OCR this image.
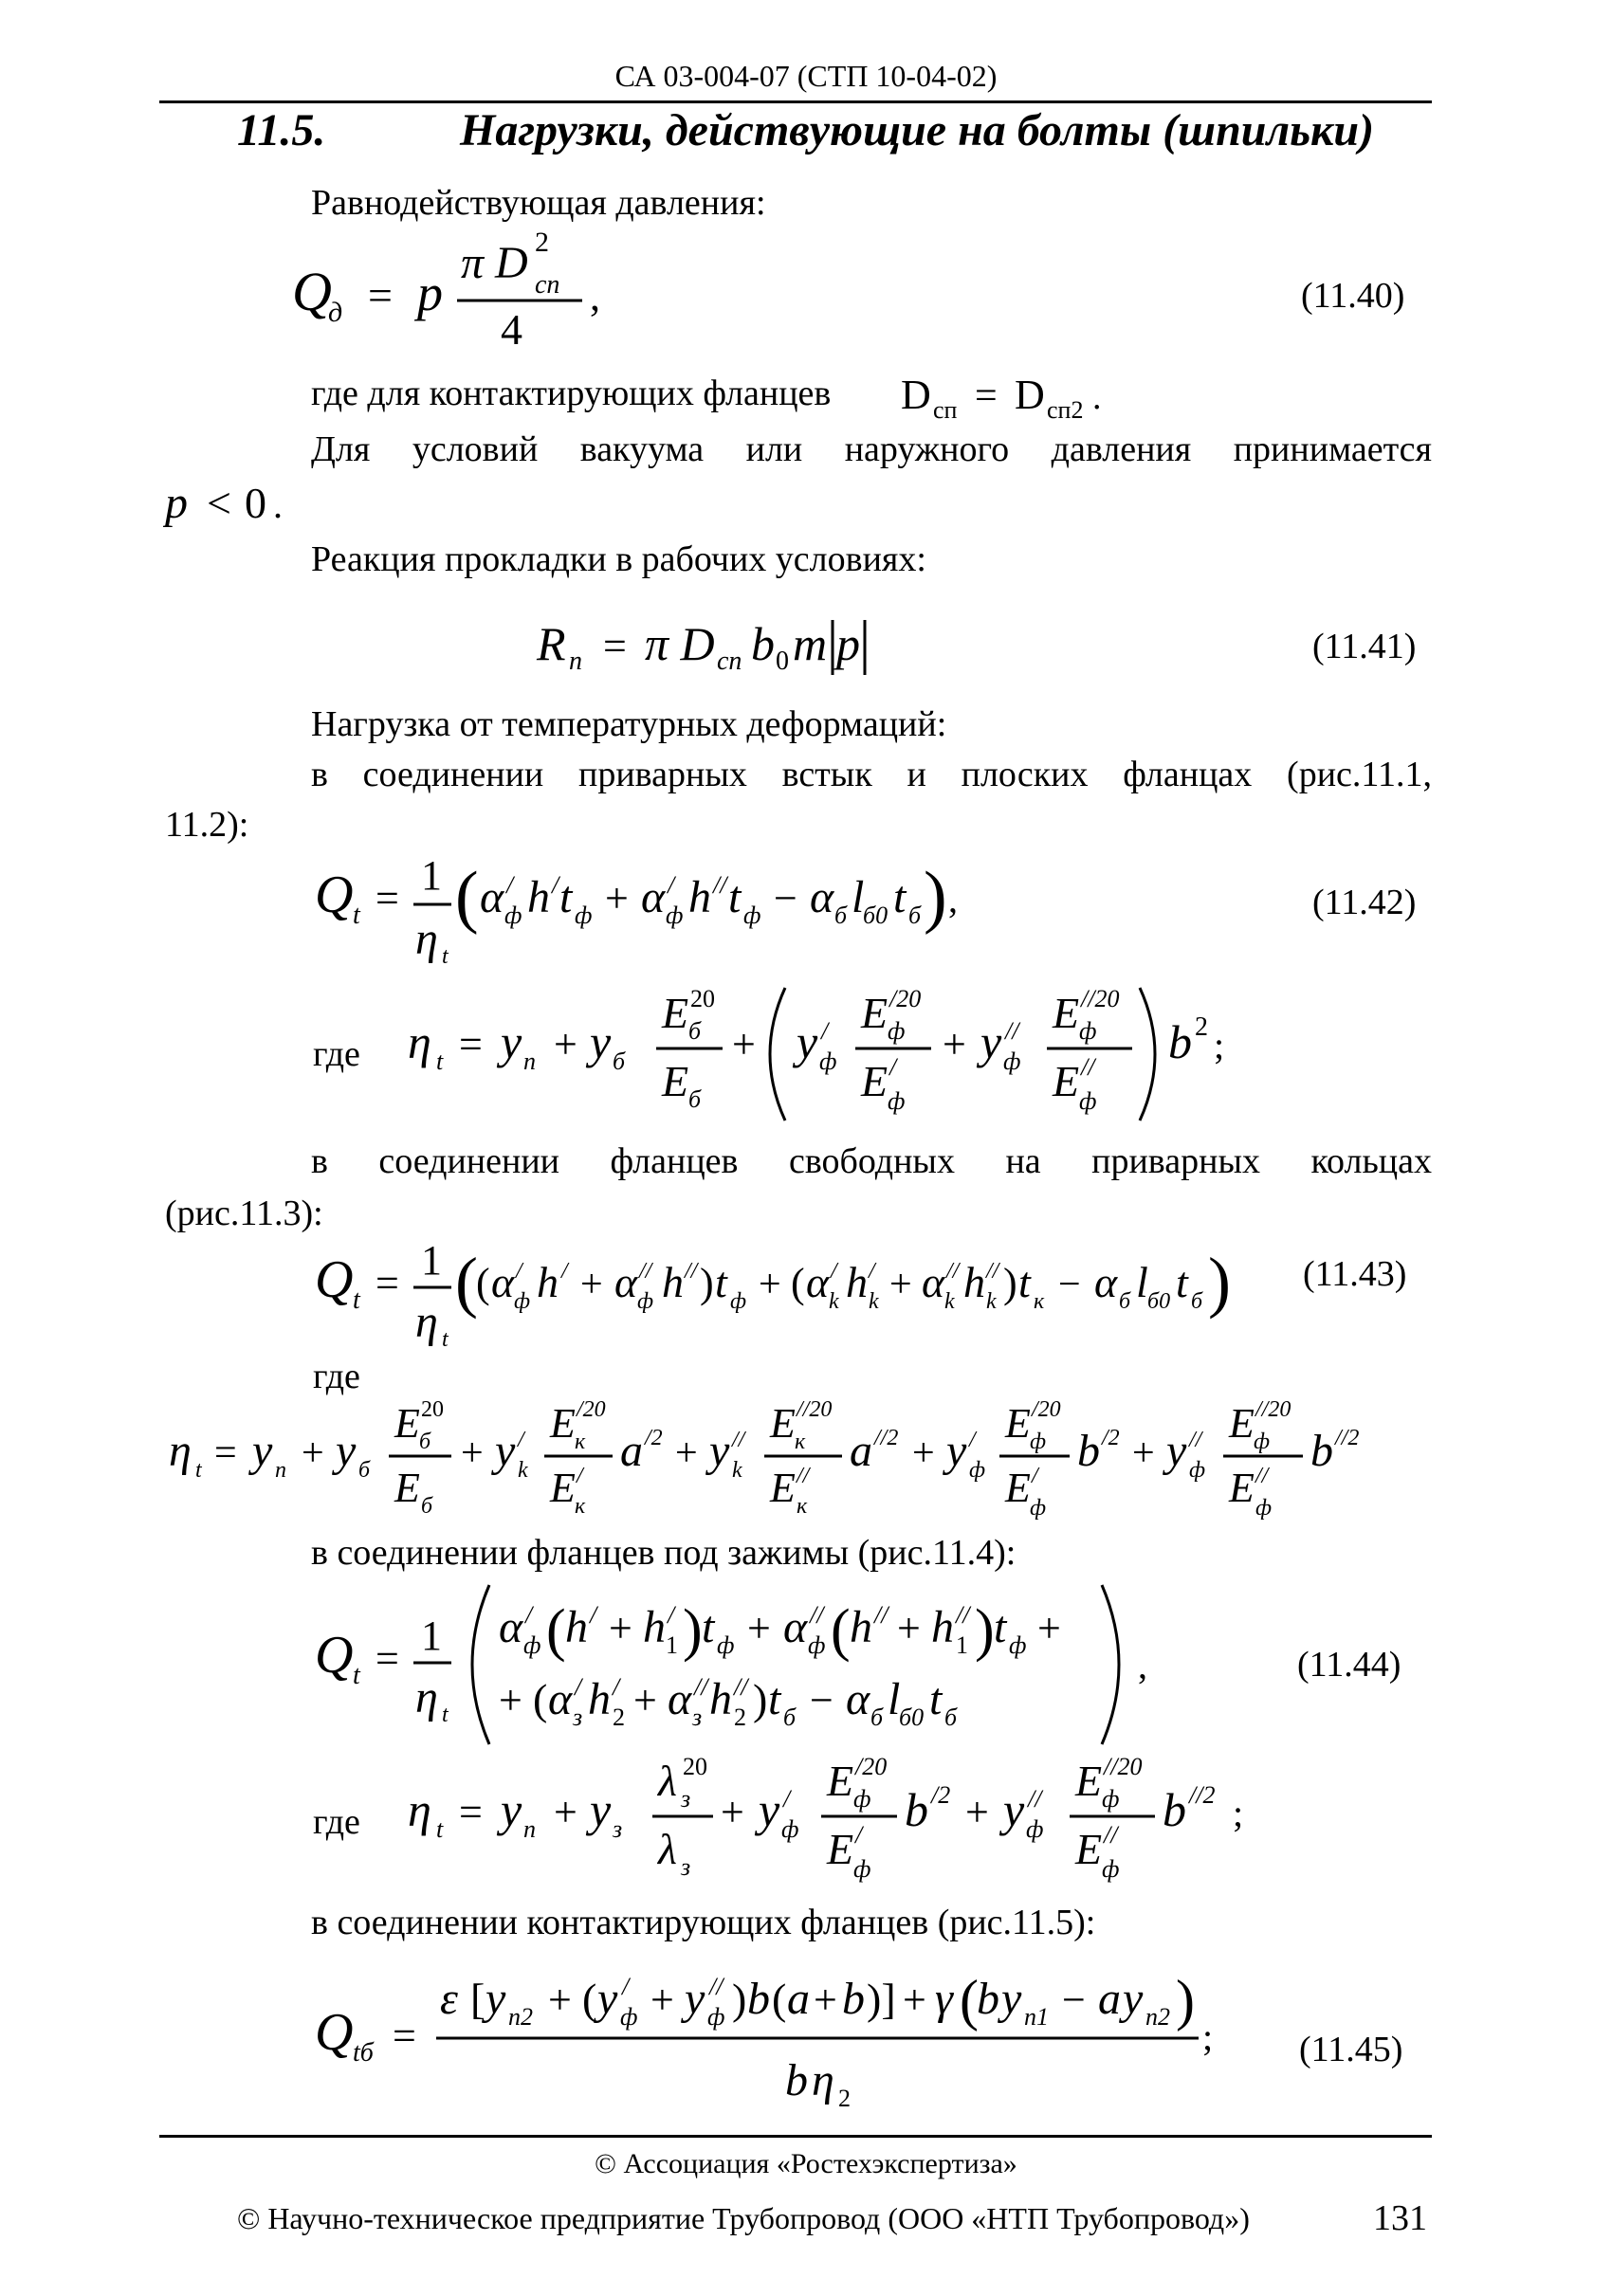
СА 03-004-07 (СТП 10-04-02)
11.5.	Нагрузки, действующие на болты (шпильки)
Равнодействующая давления:
Q
д = p
π D 2
сп
4
,	(11.40)
где для контактирующих фланцев D сп = D сп2 .
Для условий вакуума или наружного давления принимается
p < 0 .
Реакция прокладки в рабочих условиях:
R п = π D сп b 0 m p	(11.41)
Нагрузка от температурных деформаций:
в соединении приварных встык и плоских фланцах (рис.11.1,
11.2):
Q t = 1
η t
( α /
ф h / t ф + α /
ф h // t ф − α б l
б0 t б ) ,	(11.42)
где η t = y п + y б
E 20
б
E б
+ y /
ф
E /20
ф
E /
ф
+ y //
ф
E //20
ф
E //
ф
b 2 ;
в соединении фланцев свободных на приварных кольцах
(рис.11.3):
Q t = 1
η t
(
( α /
ф h / + α //
ф h // ) t ф + ( α /
k h /
k + α //
k h //
k ) t к − α б l б0 t б ) (11.43)
где
η t = y п + y б
E 20
б
E б
+ y /
k
E /20
к
E /
к
a /2 + y //
k
E //20
к
E //
к
a //2 + y /
ф
E /20
ф
E /
ф
b /2 + y //
ф
E //20
ф
E //
ф
b //2
в соединении фланцев под зажимы (рис.11.4):
Q t = 1
η t
α /
ф ( h / + h /
1 ) t ф + α //
ф ( h // + h //
1 ) t ф +
+ ( α /
з h /
2 + α //
з h //
2 ) t б − α б l
б0 t б
,	(11.44)
где η t = y п + y з
λ 20
з
λ з
+ y /
ф
E /20
ф
E /
ф
b /2 + y //
ф
E //20
ф
E //
ф
b //2 ;
в соединении контактирующих фланцев (рис.11.5):
Q tб =
ε [ y п2 + ( y /
ф + y //
ф ) b ( a + b )] + γ (
b y п1 − a y п2 )
b η 2
; (11.45)
© Ассоциация «Ростехэкспертиза»
© Научно-техническое предприятие Трубопровод (ООО «НТП Трубопровод»)	131
